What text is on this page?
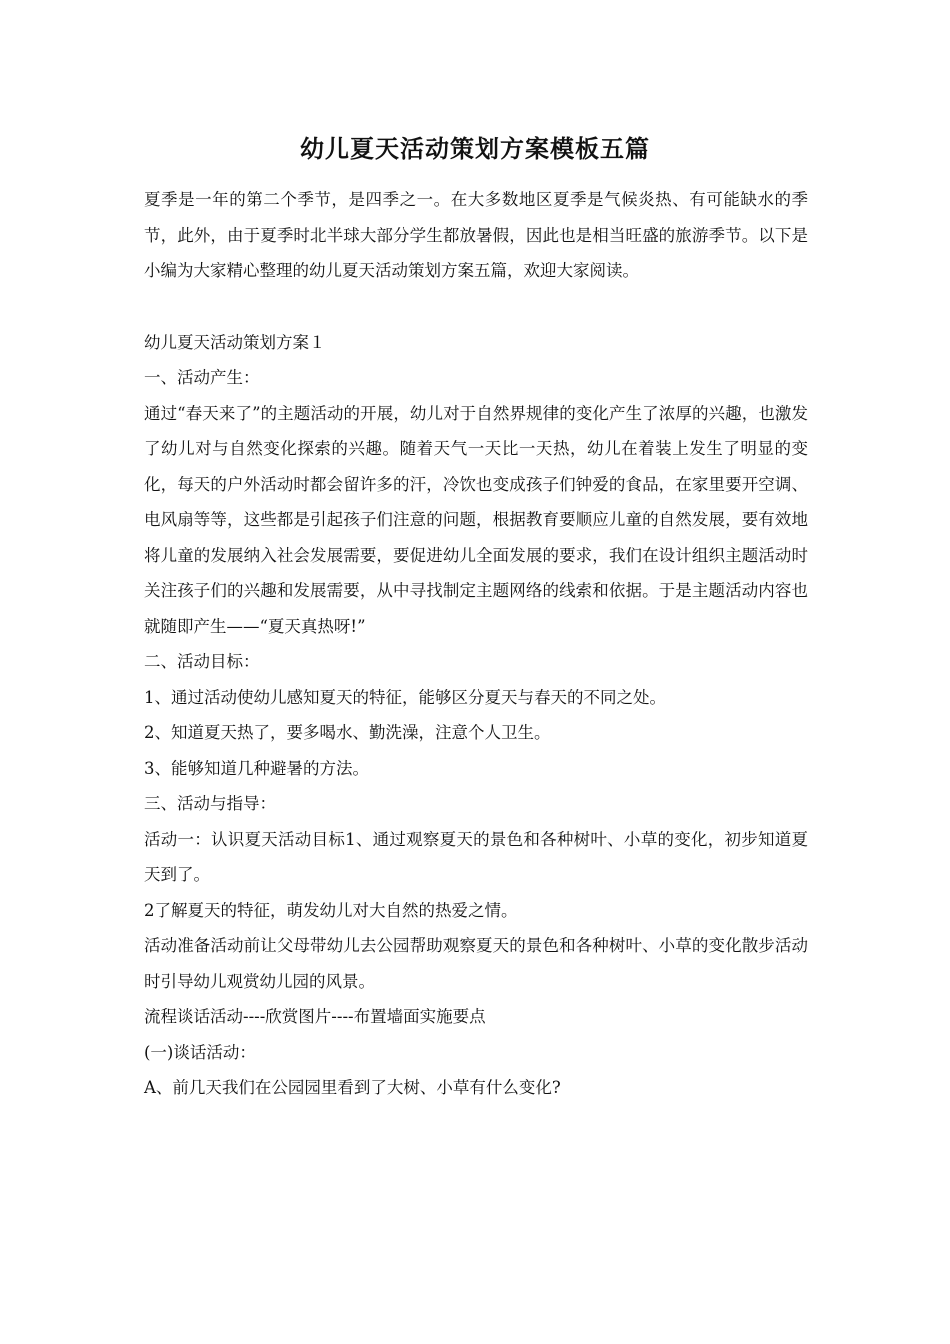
幼儿夏天活动策划方案模板五篇

夏季是一年的第二个季节，是四季之一。在大多数地区夏季是气候炎热、有可能缺水的季节，此外，由于夏季时北半球大部分学生都放暑假，因此也是相当旺盛的旅游季节。以下是小编为大家精心整理的幼儿夏天活动策划方案五篇，欢迎大家阅读。

幼儿夏天活动策划方案１

一、活动产生：

通过“春天来了”的主题活动的开展，幼儿对于自然界规律的变化产生了浓厚的兴趣，也激发了幼儿对与自然变化探索的兴趣。随着天气一天比一天热，幼儿在着装上发生了明显的变化，每天的户外活动时都会留许多的汗，冷饮也变成孩子们钟爱的食品，在家里要开空调、电风扇等等，这些都是引起孩子们注意的问题，根据教育要顺应儿童的自然发展，要有效地将儿童的发展纳入社会发展需要，要促进幼儿全面发展的要求，我们在设计组织主题活动时关注孩子们的兴趣和发展需要，从中寻找制定主题网络的线索和依据。于是主题活动内容也就随即产生——“夏天真热呀!”

二、活动目标：

1、通过活动使幼儿感知夏天的特征，能够区分夏天与春天的不同之处。

2、知道夏天热了，要多喝水、勤洗澡，注意个人卫生。

3、能够知道几种避暑的方法。

三、活动与指导：

活动一：认识夏天活动目标1、通过观察夏天的景色和各种树叶、小草的变化，初步知道夏天到了。

2了解夏天的特征，萌发幼儿对大自然的热爱之情。

活动准备活动前让父母带幼儿去公园帮助观察夏天的景色和各种树叶、小草的变化散步活动时引导幼儿观赏幼儿园的风景。

流程谈话活动----欣赏图片----布置墙面实施要点

(一)谈话活动：

A、前几天我们在公园园里看到了大树、小草有什么变化?
